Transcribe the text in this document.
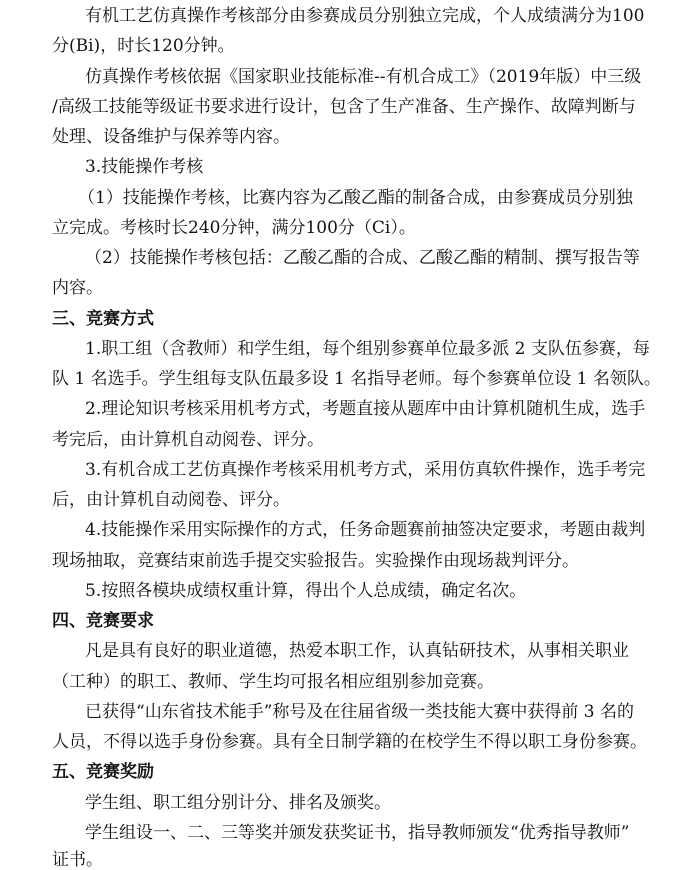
有机工艺仿真操作考核部分由参赛成员分别独立完成，个人成绩满分为100
分(Bi)，时长120分钟。
仿真操作考核依据《国家职业技能标准--有机合成工》（2019年版）中三级
/高级工技能等级证书要求进行设计，包含了生产准备、生产操作、故障判断与
处理、设备维护与保养等内容。
3.技能操作考核
（1）技能操作考核，比赛内容为乙酸乙酯的制备合成，由参赛成员分别独
立完成。考核时长240分钟，满分100分（Ci）。
（2）技能操作考核包括：乙酸乙酯的合成、乙酸乙酯的精制、撰写报告等
内容。
三、竞赛方式
1.职工组（含教师）和学生组，每个组别参赛单位最多派 2 支队伍参赛，每
队 1 名选手。学生组每支队伍最多设 1 名指导老师。每个参赛单位设 1 名领队。
2.理论知识考核采用机考方式，考题直接从题库中由计算机随机生成，选手
考完后，由计算机自动阅卷、评分。
3.有机合成工艺仿真操作考核采用机考方式，采用仿真软件操作，选手考完
后，由计算机自动阅卷、评分。
4.技能操作采用实际操作的方式，任务命题赛前抽签决定要求，考题由裁判
现场抽取，竞赛结束前选手提交实验报告。实验操作由现场裁判评分。
5.按照各模块成绩权重计算，得出个人总成绩，确定名次。
四、竞赛要求
凡是具有良好的职业道德，热爱本职工作，认真钻研技术，从事相关职业
（工种）的职工、教师、学生均可报名相应组别参加竞赛。
已获得“山东省技术能手”称号及在往届省级一类技能大赛中获得前 3 名的
人员，不得以选手身份参赛。具有全日制学籍的在校学生不得以职工身份参赛。
五、竞赛奖励
学生组、职工组分别计分、排名及颁奖。
学生组设一、二、三等奖并颁发获奖证书，指导教师颁发“优秀指导教师”
证书。
